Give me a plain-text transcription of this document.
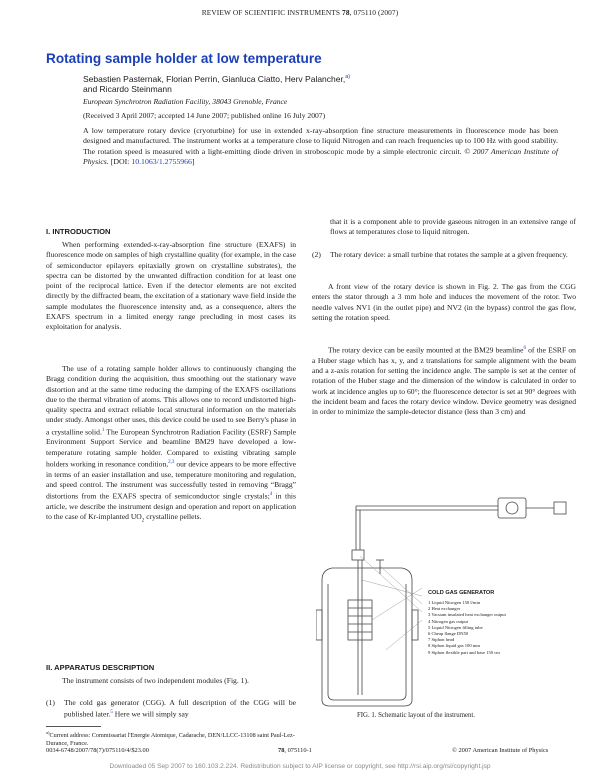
REVIEW OF SCIENTIFIC INSTRUMENTS 78, 075110 (2007)
Rotating sample holder at low temperature
Sebastien Pasternak, Florian Perrin, Gianluca Ciatto, Herv Palancher,$^{a)}$
and Ricardo Steinmann
European Synchrotron Radiation Facility, 38043 Grenoble, France
(Received 3 April 2007; accepted 14 June 2007; published online 16 July 2007)
A low temperature rotary device (cryoturbine) for use in extended x-ray-absorption fine structure measurements in fluorescence mode has been designed and manufactured. The instrument works at a temperature close to liquid Nitrogen and can reach frequencies up to 100 Hz with good stability. The rotation speed is measured with a light-emitting diode driven in stroboscopic mode by a simple electronic circuit. © 2007 American Institute of Physics. [DOI: 10.1063/1.2755966]
I. INTRODUCTION

When performing extended-x-ray-absorption fine structure (EXAFS) in fluorescence mode on samples of high crystalline quality (for example, in the case of semiconductor epilayers epitaxially grown on crystalline substrates), the spectra can be distorted by the unwanted diffraction condition for at least one point of the reciprocal lattice. Even if the detector elements are not excited directly by the diffracted beam, the excitation of a stationary wave field inside the sample modulates the fluorescence intensity and, as a consequence, alters the EXAFS spectrum in a limited energy range precluding in most cases its exploitation for analysis.

The use of a rotating sample holder allows to continuously changing the Bragg condition during the acquisition, thus smoothing out the stationary wave distortion and at the same time reducing the damping of the EXAFS oscillations due to the thermal vibration of atoms. This allows one to record undistorted high-quality spectra and extract reliable local structural information on the materials under study. Amongst other uses, this device could be used to see Berry's phase in a crystalline solid.$^1$ The European Synchrotron Radiation Facility (ESRF) Sample Environment Support Service and beamline BM29 have developed a low-temperature rotating sample holder. Compared to existing vibrating sample holders working in resonance condition,$^{2,3}$ our device appears to be more effective in terms of an easier installation and use, temperature monitoring and regulation, and speed control. The instrument was successfully tested in removing “Bragg” distortions from the EXAFS spectra of semiconductor single crystals;$^4$ in this article, we describe the instrument design and operation and report on application to the case of Kr-implanted $UO_2$ crystalline pellets.

II. APPARATUS DESCRIPTION

The instrument consists of two independent modules (Fig. 1).

(1) The cold gas generator (CGG). A full description of the CGG will be published later.$^5$ Here we will simply say
$^{a)}$Current address: Commissariat l'Energie Atomique, Cadarache, DEN/LLCC-13108 saint Paul-Lez-Durance, France.
that it is a component able to provide gaseous nitrogen in an extensive range of flows at temperatures close to liquid nitrogen.
(2) The rotary device: a small turbine that rotates the sample at a given frequency.

A front view of the rotary device is shown in Fig. 2. The gas from the CGG enters the stator through a 3 mm hole and induces the movement of the rotor. Two needle valves NV1 (in the outlet pipe) and NV2 (in the bypass) control the gas flow, setting the rotation speed.

The rotary device can be easily mounted at the BM29 beamline$^6$ of the ESRF on a Huber stage which has x, y, and z translations for sample alignment with the beam and a z-axis rotation for setting the incidence angle. The sample is set at the center of rotation of the Huber stage and the dimension of the window is calculated in order to work at incidence angles up to 60°; the fluorescence detector is set at 90° degrees with the incident beam and faces the rotary device window. Device geometry was designed in order to minimize the sample-detector distance (less than 3 cm) and

COLD GAS GENERATOR
1 Liquid Nitrogen 150 l/min
2 Heat exchanger
3 Vacuum insulated heat exchanger output
4 Nitrogen gas output
5 Liquid Nitrogen filling tube
6 Cheap flange DN50
7 Siphon head
8 Siphon liquid gas 100 mm
9 Siphon flexible part and base 150 cm
FIG. 1. Schematic layout of the instrument.
0034-6748/2007/78(7)/075110/4/$23.00	78, 075110-1	© 2007 American Institute of Physics
Downloaded 05 Sep 2007 to 160.103.2.224. Redistribution subject to AIP license or copyright, see http://rsi.aip.org/rsi/copyright.jsp
